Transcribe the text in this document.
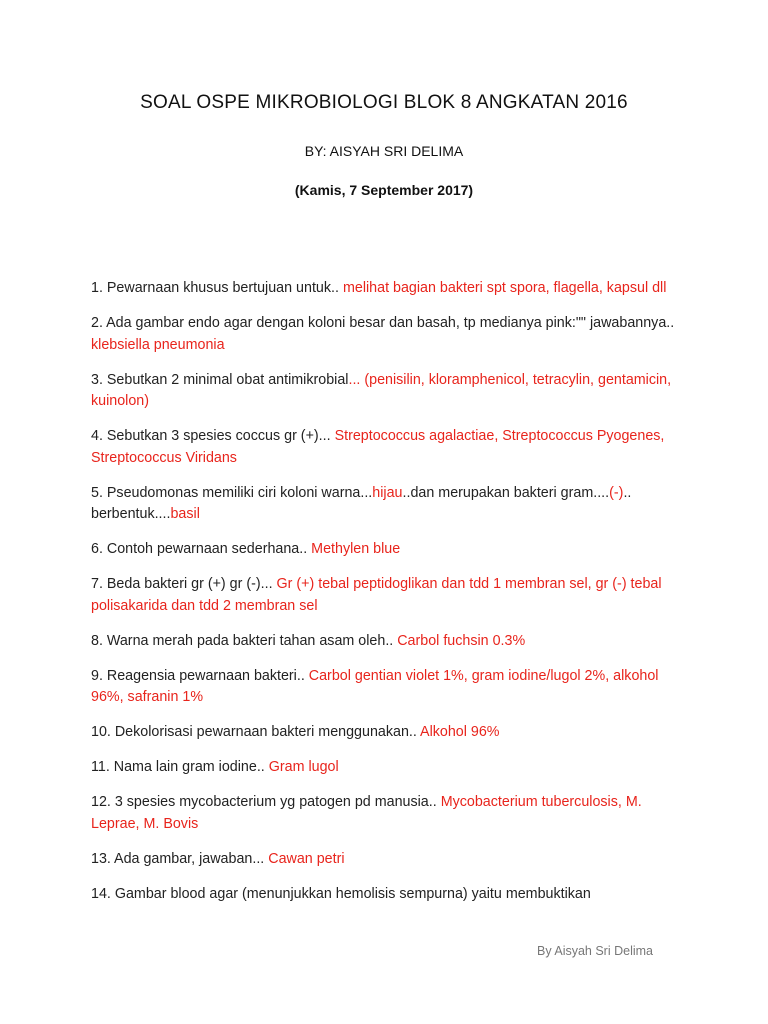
SOAL OSPE MIKROBIOLOGI BLOK 8 ANGKATAN 2016
BY: AISYAH SRI DELIMA
(Kamis, 7 September 2017)
1. Pewarnaan khusus bertujuan untuk.. melihat bagian bakteri spt spora, flagella, kapsul dll
2. Ada gambar endo agar dengan koloni besar dan basah, tp medianya pink:"" jawabannya.. klebsiella pneumonia
3. Sebutkan 2 minimal obat antimikrobial... (penisilin, kloramphenicol, tetracylin, gentamicin, kuinolon)
4. Sebutkan 3 spesies coccus gr (+)... Streptococcus agalactiae, Streptococcus Pyogenes, Streptococcus Viridans
5. Pseudomonas memiliki ciri koloni warna...hijau..dan merupakan bakteri gram....(-).. berbentuk....basil
6. Contoh pewarnaan sederhana.. Methylen blue
7. Beda bakteri gr (+) gr (-)... Gr (+) tebal peptidoglikan dan tdd 1 membran sel, gr (-) tebal polisakarida dan tdd 2 membran sel
8. Warna merah pada bakteri tahan asam oleh.. Carbol fuchsin 0.3%
9. Reagensia pewarnaan bakteri.. Carbol gentian violet 1%, gram iodine/lugol 2%, alkohol 96%, safranin 1%
10. Dekolorisasi pewarnaan bakteri menggunakan.. Alkohol 96%
11. Nama lain gram iodine.. Gram lugol
12. 3 spesies mycobacterium yg patogen pd manusia.. Mycobacterium tuberculosis, M. Leprae, M. Bovis
13. Ada gambar, jawaban... Cawan petri
14. Gambar blood agar (menunjukkan hemolisis sempurna) yaitu membuktikan
By Aisyah Sri Delima
